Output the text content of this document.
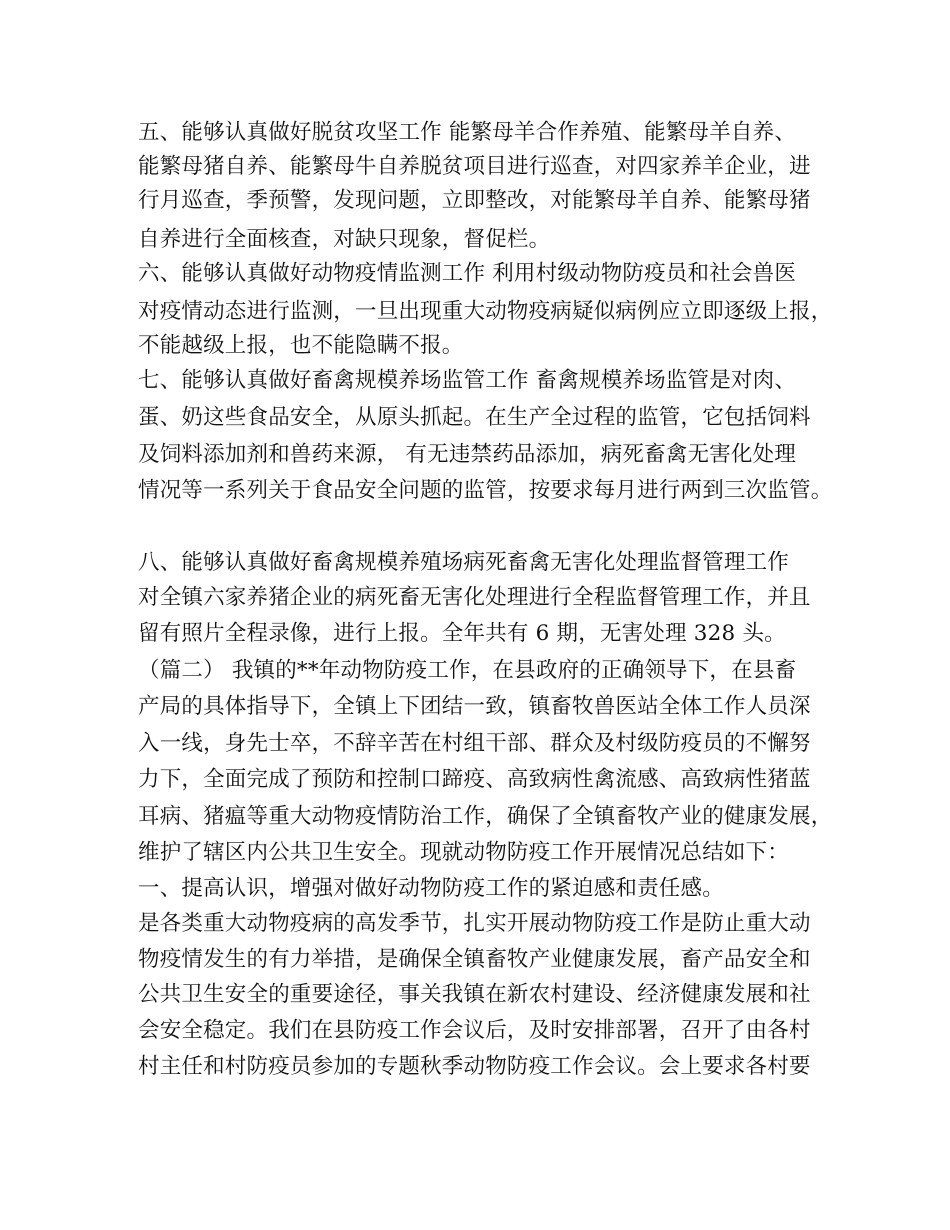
五、能够认真做好脱贫攻坚工作 能繁母羊合作养殖、能繁母羊自养、
能繁母猪自养、能繁母牛自养脱贫项目进行巡查，对四家养羊企业，进
行月巡查，季预警，发现问题，立即整改，对能繁母羊自养、能繁母猪
自养进行全面核查，对缺只现象，督促栏。
六、能够认真做好动物疫情监测工作 利用村级动物防疫员和社会兽医
对疫情动态进行监测，一旦出现重大动物疫病疑似病例应立即逐级上报，
不能越级上报，也不能隐瞒不报。
七、能够认真做好畜禽规模养场监管工作 畜禽规模养场监管是对肉、
蛋、奶这些食品安全，从原头抓起。在生产全过程的监管，它包括饲料
及饲料添加剂和兽药来源， 有无违禁药品添加，病死畜禽无害化处理
情况等一系列关于食品安全问题的监管，按要求每月进行两到三次监管。
八、能够认真做好畜禽规模养殖场病死畜禽无害化处理监督管理工作
对全镇六家养猪企业的病死畜无害化处理进行全程监督管理工作，并且
留有照片全程录像，进行上报。全年共有 6 期，无害处理 328 头。
（篇二） 我镇的**年动物防疫工作，在县政府的正确领导下，在县畜
产局的具体指导下，全镇上下团结一致，镇畜牧兽医站全体工作人员深
入一线，身先士卒，不辞辛苦在村组干部、群众及村级防疫员的不懈努
力下，全面完成了预防和控制口蹄疫、高致病性禽流感、高致病性猪蓝
耳病、猪瘟等重大动物疫情防治工作，确保了全镇畜牧产业的健康发展，
维护了辖区内公共卫生安全。现就动物防疫工作开展情况总结如下：
一、提高认识，增强对做好动物防疫工作的紧迫感和责任感。
是各类重大动物疫病的高发季节，扎实开展动物防疫工作是防止重大动
物疫情发生的有力举措，是确保全镇畜牧产业健康发展，畜产品安全和
公共卫生安全的重要途径，事关我镇在新农村建设、经济健康发展和社
会安全稳定。我们在县防疫工作会议后，及时安排部署，召开了由各村
村主任和村防疫员参加的专题秋季动物防疫工作会议。会上要求各村要
